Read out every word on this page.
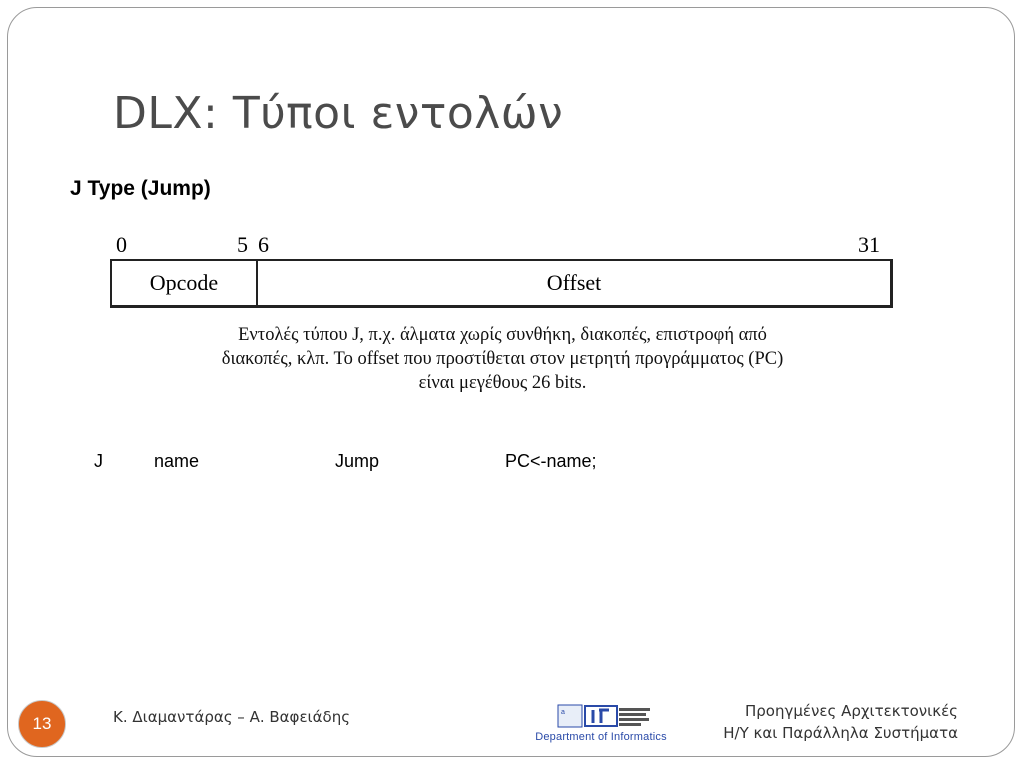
DLX: Τύποι εντολών
J Type (Jump)
0	5 6	31
Opcode	Offset
Εντολές τύπου J, π.χ. άλματα χωρίς συνθήκη, διακοπές, επιστροφή από
διακοπές, κλπ. Το offset που προστίθεται στον μετρητή προγράμματος (PC)
είναι μεγέθους 26 bits.
J	name	Jump	PC<-name;
13	Κ. Διαμαντάρας – Α. Βαφειάδης	a
Department of Informatics
Προηγμένες Αρχιτεκτονικές
Η/Υ και Παράλληλα Συστήματα
